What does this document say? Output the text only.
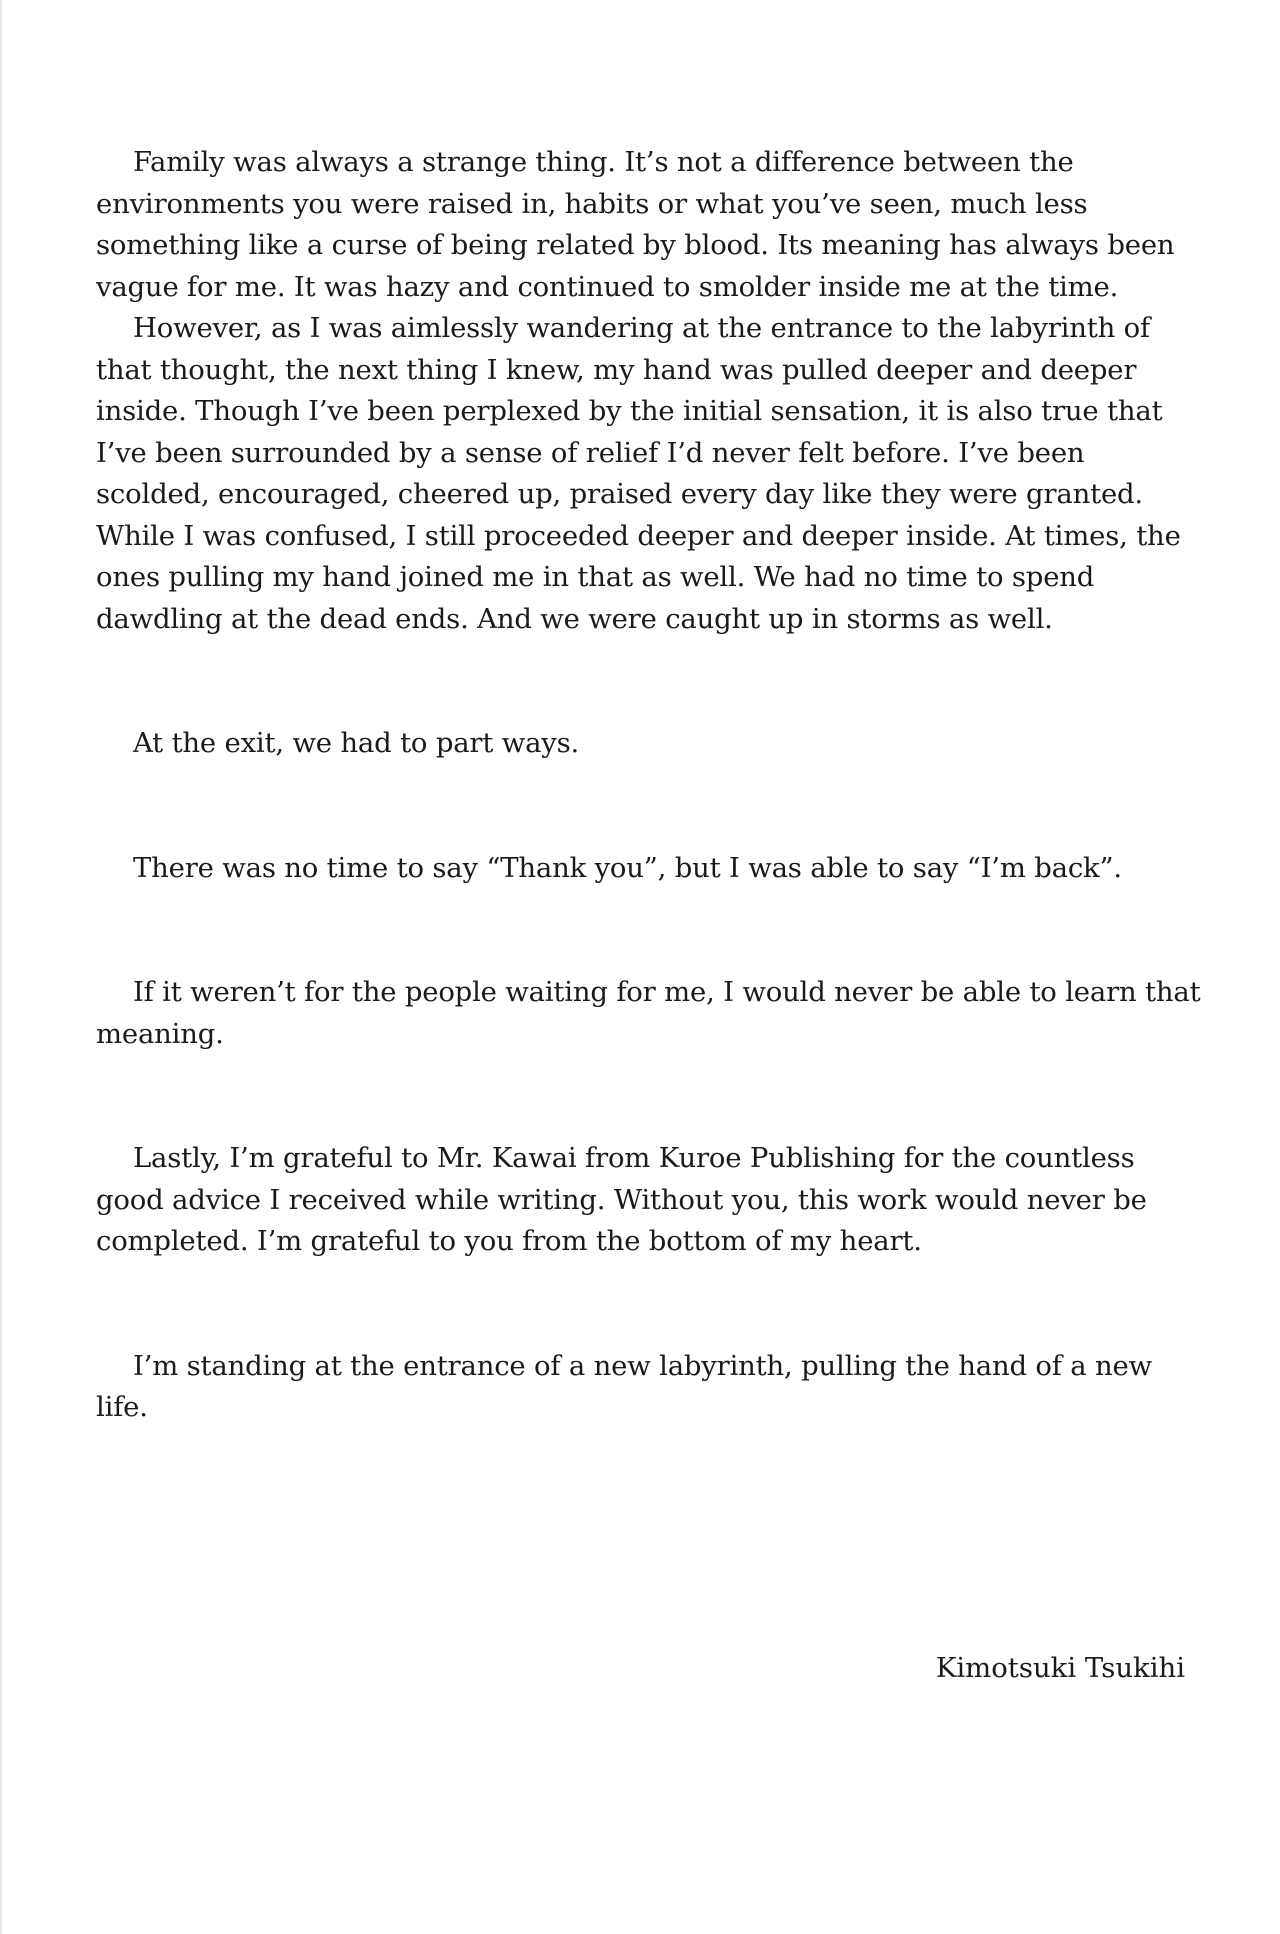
Family was always a strange thing. It’s not a difference between the environments you were raised in, habits or what you’ve seen, much less something like a curse of being related by blood. Its meaning has always been vague for me. It was hazy and continued to smolder inside me at the time.

However, as I was aimlessly wandering at the entrance to the labyrinth of that thought, the next thing I knew, my hand was pulled deeper and deeper inside. Though I’ve been perplexed by the initial sensation, it is also true that I’ve been surrounded by a sense of relief I’d never felt before. I’ve been scolded, encouraged, cheered up, praised every day like they were granted. While I was confused, I still proceeded deeper and deeper inside. At times, the ones pulling my hand joined me in that as well. We had no time to spend dawdling at the dead ends. And we were caught up in storms as well.

At the exit, we had to part ways.

There was no time to say “Thank you”, but I was able to say “I’m back”.

If it weren’t for the people waiting for me, I would never be able to learn that meaning.

Lastly, I’m grateful to Mr. Kawai from Kuroe Publishing for the countless good advice I received while writing. Without you, this work would never be completed. I’m grateful to you from the bottom of my heart.

I’m standing at the entrance of a new labyrinth, pulling the hand of a new life.

Kimotsuki Tsukihi
